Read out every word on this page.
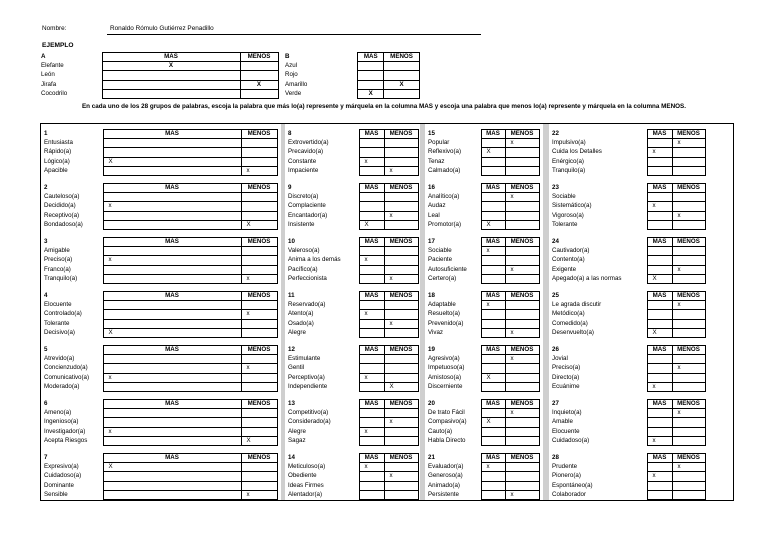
Nombre:	Ronaldo Rómulo Gutiérrez Penadillo
EJEMPLO
A	MAS	MENOS
Elefante	X	
León		
Jirafa		X
Cocodrilo		
B	MAS	MENOS
Azul		
Rojo		
Amarillo		X
Verde	X	
En cada uno de los 28 grupos de palabras, escoja la palabra que más lo(a) represente y márquela en la columna MAS y escoja una palabra que menos lo(a) represente y márquela en la columna MENOS.
1	MAS	MENOS
Entusiasta		
Rápido(a)		
Lógico(a)	X	
Apacible		x
2	MAS	MENOS
Cauteloso(a)		
Decidido(a)	x	
Receptivo(a)		
Bondadoso(a)		X
3	MAS	MENOS
Amigable		
Preciso(a)	x	
Franco(a)		
Tranquilo(a)		x
4	MAS	MENOS
Elocuente		
Controlado(a)		x
Tolerante		
Decisivo(a)	X	
5	MAS	MENOS
Atrevido(a)		
Concienzudo(a)		x
Comunicativo(a)	x	
Moderado(a)		
6	MAS	MENOS
Ameno(a)		
Ingenioso(a)		
Investigador(a)	x	
Acepta Riesgos		X
7	MAS	MENOS
Expresivo(a)	X	
Cuidadoso(a)		
Dominante		
Sensible		x
8	MAS	MENOS
Extrovertido(a)		
Precavido(a)		
Constante	x	
Impaciente		x
9	MAS	MENOS
Discreto(a)		
Complaciente		
Encantador(a)		x
Insistente	X	
10	MAS	MENOS
Valeroso(a)		
Anima a los demás	x	
Pacífico(a)		
Perfeccionista		x
11	MAS	MENOS
Reservado(a)		
Atento(a)	x	
Osado(a)		x
Alegre		
12	MAS	MENOS
Estimulante		
Gentil		
Perceptivo(a)	x	
Independiente		X
13	MAS	MENOS
Competitivo(a)		
Considerado(a)		x
Alegre	x	
Sagaz		
14	MAS	MENOS
Meticuloso(a)	x	
Obediente		x
Ideas Firmes		
Alentador(a)		
15	MAS	MENOS
Popular		x
Reflexivo(a)	X	
Tenaz		
Calmado(a)		
16	MAS	MENOS
Analítico(a)		x
Audaz		
Leal		
Promotor(a)	X	
17	MAS	MENOS
Sociable	x	
Paciente		
Autosuficiente		x
Certero(a)		
18	MAS	MENOS
Adaptable	x	
Resuelto(a)		
Prevenido(a)		
Vivaz		x
19	MAS	MENOS
Agresivo(a)		x
Impetuoso(a)		
Amistoso(a)	X	
Discerniente		
20	MAS	MENOS
De trato Fácil		x
Compasivo(a)	X	
Cauto(a)		
Habla Directo		
21	MAS	MENOS
Evaluador(a)	x	
Generoso(a)		
Animado(a)		
Persistente		x
22	MAS	MENOS
Impulsivo(a)		x
Cuida los Detalles	x	
Enérgico(a)		
Tranquilo(a)		
23	MAS	MENOS
Sociable		
Sistemático(a)	x	
Vigoroso(a)		x
Tolerante		
24	MAS	MENOS
Cautivador(a)		
Contento(a)		
Exigente		x
Apegado(a) a las normas	X	
25	MAS	MENOS
Le agrada discutir		x
Metódico(a)		
Comedido(a)		
Desenvuelto(a)	X	
26	MAS	MENOS
Jovial		
Preciso(a)		x
Directo(a)		
Ecuánime	x	
27	MAS	MENOS
Inquieto(a)		x
Amable		
Elocuente		
Cuidadoso(a)	x	
28	MAS	MENOS
Prudente		x
Pionero(a)	x	
Espontáneo(a)		
Colaborador		
